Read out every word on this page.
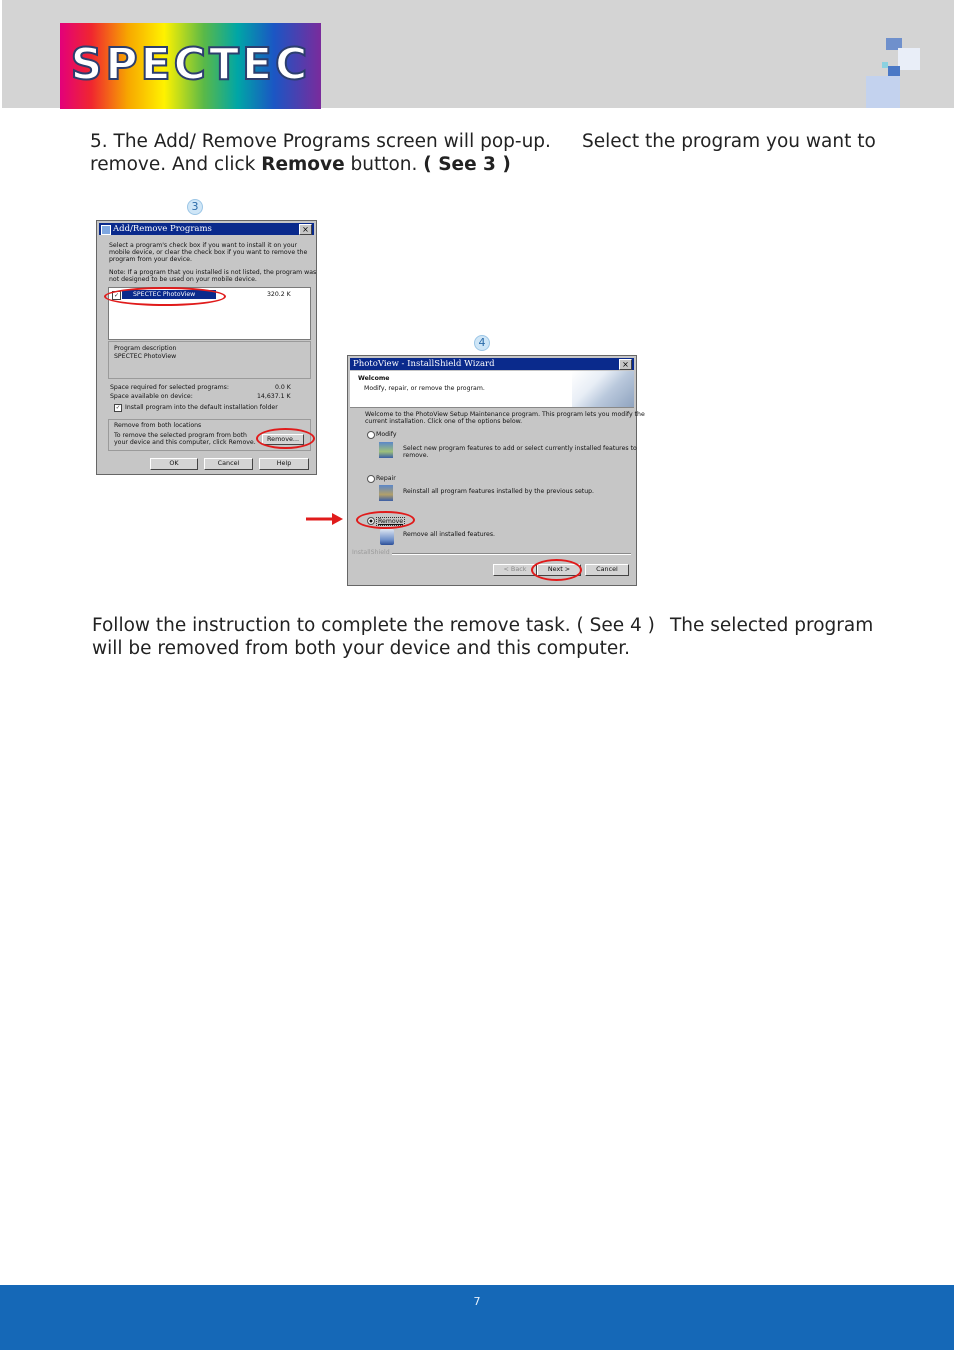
SPECTEC
5. The Add/ Remove Programs screen will pop-up. Select the program you want to
remove. And click Remove button. ( See 3 )
3
4
Add/Remove Programs	×
Select a program's check box if you want to install it on your
mobile device, or clear the check box if you want to remove the
program from your device.
Note: If a program that you installed is not listed, the program was
not designed to be used on your mobile device.
✓	SPECTEC PhotoView	320.2 K
Program description
SPECTEC PhotoView
Space required for selected programs:	0.0 K
Space available on device:	14,637.1 K
✓ Install program into the default installation folder
Remove from both locations
To remove the selected program from both
your device and this computer, click Remove.	Remove...
OK	Cancel	Help
PhotoView - InstallShield Wizard	×
Welcome
Modify, repair, or remove the program.
Welcome to the PhotoView Setup Maintenance program. This program lets you modify the
current installation. Click one of the options below.
Modify
Select new program features to add or select currently installed features to
remove.
Repair
Reinstall all program features installed by the previous setup.
Remove
Remove all installed features.
InstallShield
< Back	Next >	Cancel
Follow the instruction to complete the remove task. ( See 4 ) The selected program
will be removed from both your device and this computer.
7
